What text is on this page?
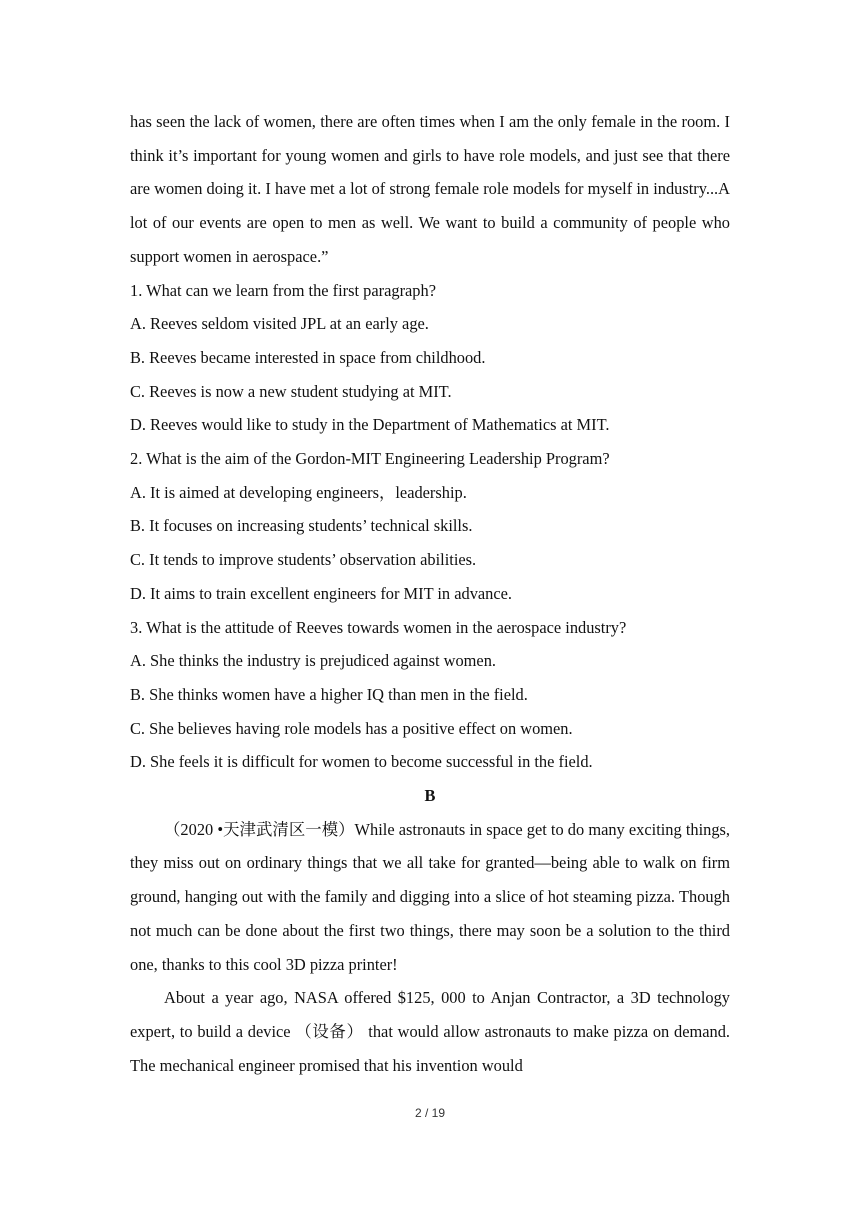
has seen the lack of women, there are often times when I am the only female in the room. I think it’s important for young women and girls to have role models, and just see that there are women doing it. I have met a lot of strong female role models for myself in industry...A lot of our events are open to men as well. We want to build a community of people who support women in aerospace.”

1. What can we learn from the first paragraph?

A. Reeves seldom visited JPL at an early age.

B. Reeves became interested in space from childhood.

C. Reeves is now a new student studying at MIT.

D. Reeves would like to study in the Department of Mathematics at MIT.

2. What is the aim of the Gordon-MIT Engineering Leadership Program?

A. It is aimed at developing engineers，leadership.

B. It focuses on increasing students’ technical skills.

C. It tends to improve students’ observation abilities.

D. It aims to train excellent engineers for MIT in advance.

3. What is the attitude of Reeves towards women in the aerospace industry?

A. She thinks the industry is prejudiced against women.

B. She thinks women have a higher IQ than men in the field.

C. She believes having role models has a positive effect on women.

D. She feels it is difficult for women to become successful in the field.

B

（2020 •天津武清区一模）While astronauts in space get to do many exciting things, they miss out on ordinary things that we all take for granted—being able to walk on firm ground, hanging out with the family and digging into a slice of hot steaming pizza. Though not much can be done about the first two things, there may soon be a solution to the third one, thanks to this cool 3D pizza printer!

About a year ago, NASA offered $125, 000 to Anjan Contractor, a 3D technology expert, to build a device （设备） that would allow astronauts to make pizza on demand. The mechanical engineer promised that his invention would

2 / 19
